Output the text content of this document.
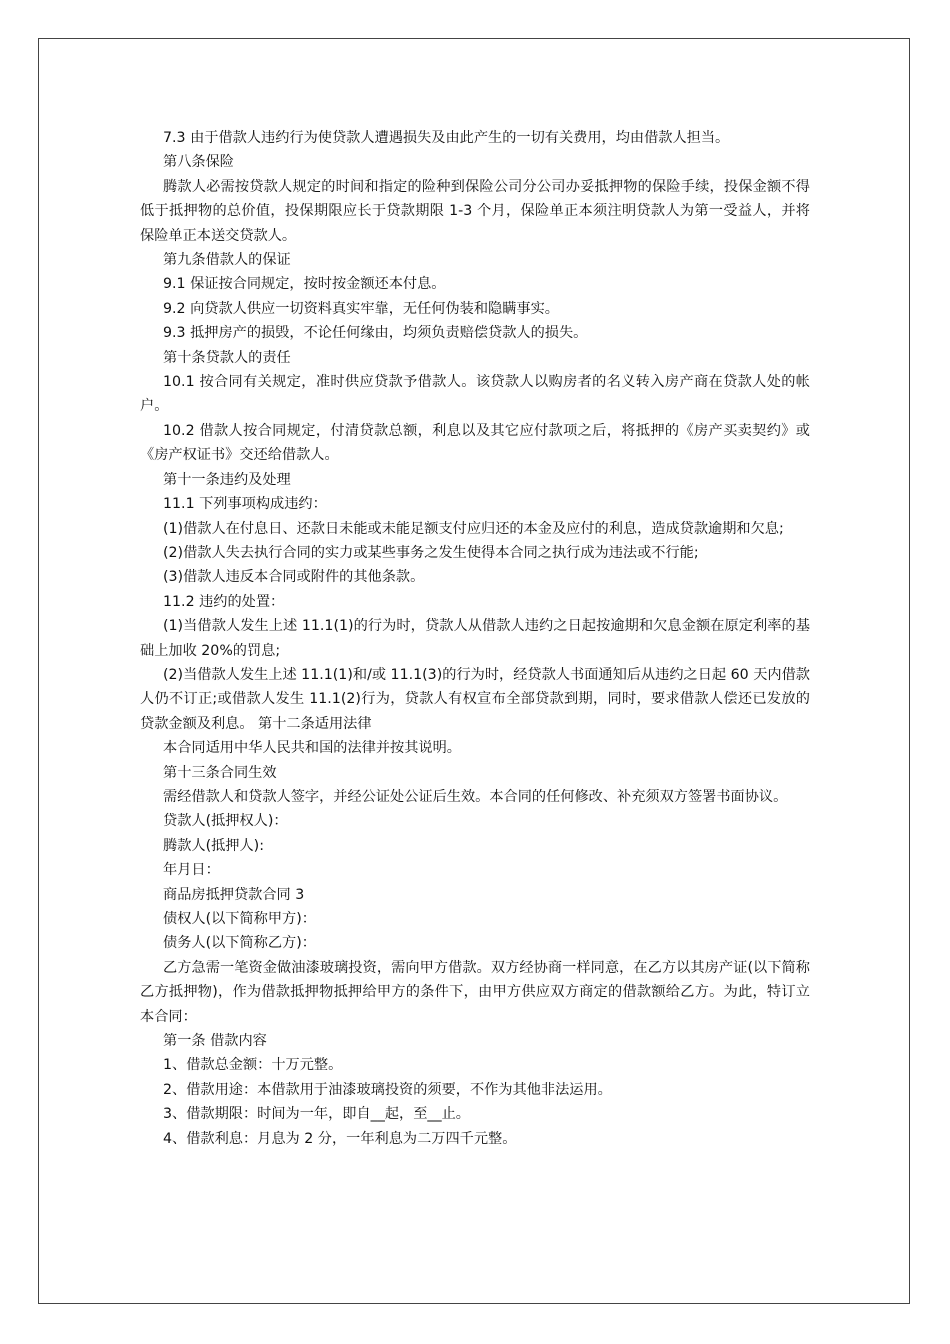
7.3 由于借款人违约行为使贷款人遭遇损失及由此产生的一切有关费用，均由借款人担当。

第八条保险

腾款人必需按贷款人规定的时间和指定的险种到保险公司分公司办妥抵押物的保险手续，投保金额不得低于抵押物的总价值，投保期限应长于贷款期限 1-3 个月，保险单正本须注明贷款人为第一受益人，并将保险单正本送交贷款人。

第九条借款人的保证

9.1 保证按合同规定，按时按金额还本付息。

9.2 向贷款人供应一切资料真实牢靠，无任何伪装和隐瞒事实。

9.3 抵押房产的损毁，不论任何缘由，均须负责赔偿贷款人的损失。

第十条贷款人的责任

10.1 按合同有关规定，准时供应贷款予借款人。该贷款人以购房者的名义转入房产商在贷款人处的帐户。

10.2 借款人按合同规定，付清贷款总额，利息以及其它应付款项之后，将抵押的《房产买卖契约》或《房产权证书》交还给借款人。

第十一条违约及处理

11.1 下列事项构成违约：

(1)借款人在付息日、还款日未能或未能足额支付应归还的本金及应付的利息，造成贷款逾期和欠息;

(2)借款人失去执行合同的实力或某些事务之发生使得本合同之执行成为违法或不行能;

(3)借款人违反本合同或附件的其他条款。

11.2 违约的处置：

(1)当借款人发生上述 11.1(1)的行为时，贷款人从借款人违约之日起按逾期和欠息金额在原定利率的基础上加收 20%的罚息;

(2)当借款人发生上述 11.1(1)和/或 11.1(3)的行为时，经贷款人书面通知后从违约之日起 60 天内借款人仍不订正;或借款人发生 11.1(2)行为，贷款人有权宣布全部贷款到期，同时，要求借款人偿还已发放的贷款金额及利息。 第十二条适用法律

本合同适用中华人民共和国的法律并按其说明。

第十三条合同生效

需经借款人和贷款人签字，并经公证处公证后生效。本合同的任何修改、补充须双方签署书面协议。

贷款人(抵押权人)：

腾款人(抵押人):

年月日：

商品房抵押贷款合同 3

债权人(以下简称甲方)：

债务人(以下简称乙方)：

乙方急需一笔资金做油漆玻璃投资，需向甲方借款。双方经协商一样同意，在乙方以其房产证(以下简称乙方抵押物)，作为借款抵押物抵押给甲方的条件下，由甲方供应双方商定的借款额给乙方。为此，特订立本合同：

第一条 借款内容

1、借款总金额：十万元整。

2、借款用途：本借款用于油漆玻璃投资的须要，不作为其他非法运用。

3、借款期限：时间为一年，即自__起，至__止。

4、借款利息：月息为 2 分，一年利息为二万四千元整。
